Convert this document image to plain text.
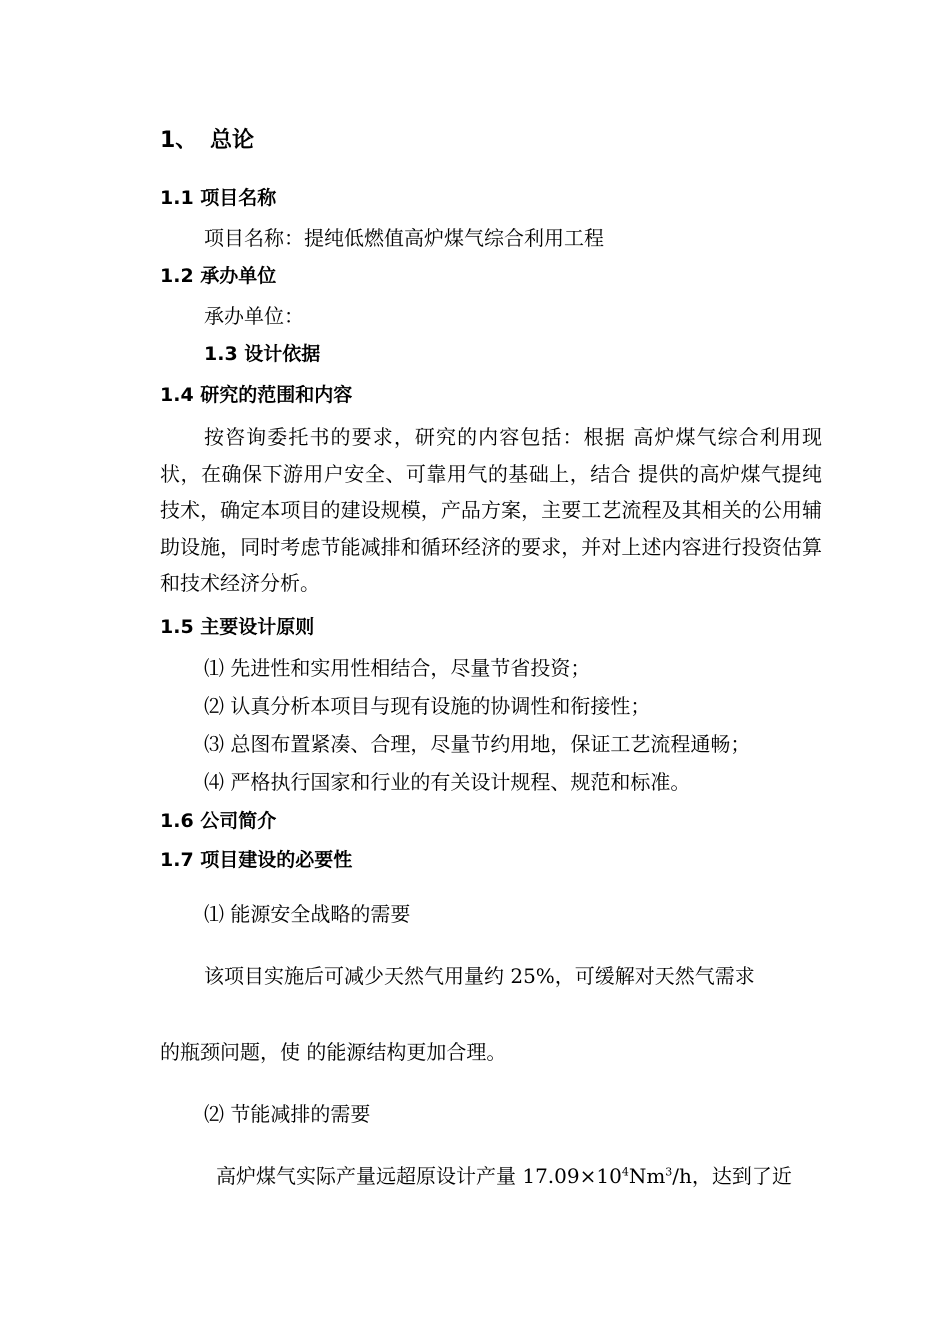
1、 总论
1.1 项目名称
项目名称：提纯低燃值高炉煤气综合利用工程
1.2 承办单位
承办单位：
1.3 设计依据
1.4 研究的范围和内容
按咨询委托书的要求，研究的内容包括：根据 高炉煤气综合利用现状，在确保下游用户安全、可靠用气的基础上，结合 提供的高炉煤气提纯技术，确定本项目的建设规模，产品方案，主要工艺流程及其相关的公用辅助设施，同时考虑节能减排和循环经济的要求，并对上述内容进行投资估算和技术经济分析。
1.5 主要设计原则
⑴ 先进性和实用性相结合，尽量节省投资；
⑵ 认真分析本项目与现有设施的协调性和衔接性；
⑶ 总图布置紧凑、合理，尽量节约用地，保证工艺流程通畅；
⑷ 严格执行国家和行业的有关设计规程、规范和标准。
1.6 公司简介
1.7 项目建设的必要性
⑴ 能源安全战略的需要
该项目实施后可减少天然气用量约 25%，可缓解对天然气需求
的瓶颈问题，使 的能源结构更加合理。
⑵ 节能减排的需要
高炉煤气实际产量远超原设计产量 $17.09\times 10^4Nm^3/h$，达到了近
